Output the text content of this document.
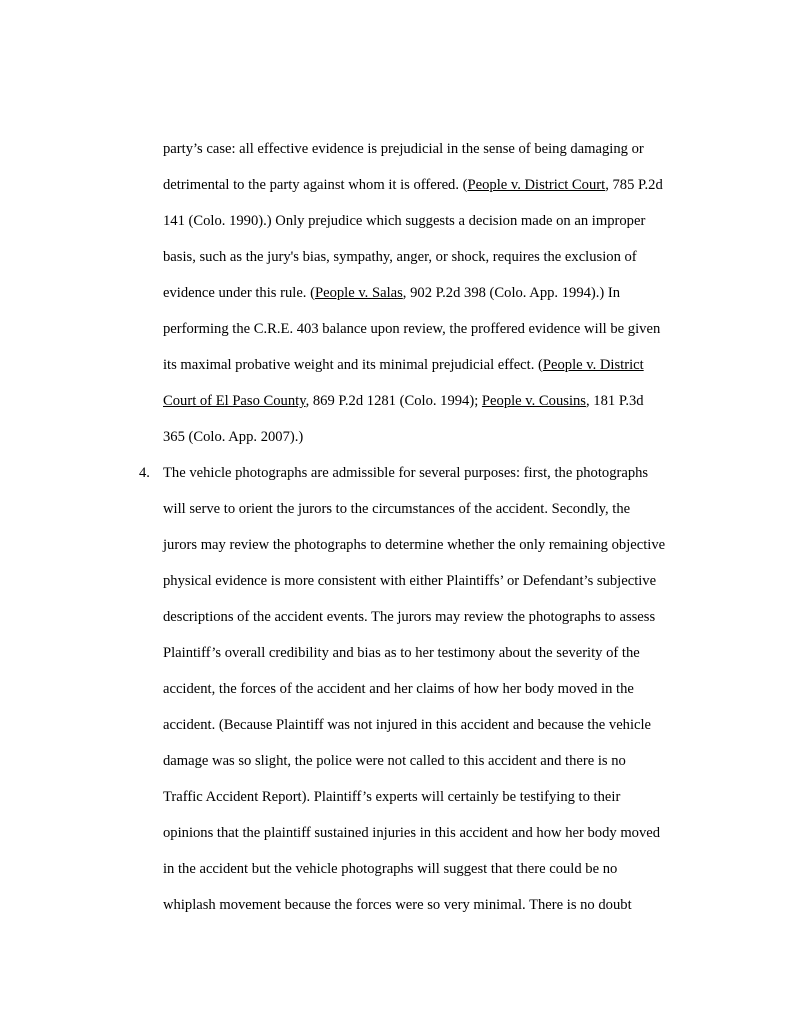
party’s case: all effective evidence is prejudicial in the sense of being damaging or
detrimental to the party against whom it is offered. (People v. District Court, 785 P.2d
141 (Colo. 1990).) Only prejudice which suggests a decision made on an improper
basis, such as the jury's bias, sympathy, anger, or shock, requires the exclusion of
evidence under this rule. (People v. Salas, 902 P.2d 398 (Colo. App. 1994).) In
performing the C.R.E. 403 balance upon review, the proffered evidence will be given
its maximal probative weight and its minimal prejudicial effect. (People v. District
Court of El Paso County, 869 P.2d 1281 (Colo. 1994); People v. Cousins, 181 P.3d
365 (Colo. App. 2007).)
4. The vehicle photographs are admissible for several purposes: first, the photographs
will serve to orient the jurors to the circumstances of the accident. Secondly, the
jurors may review the photographs to determine whether the only remaining objective
physical evidence is more consistent with either Plaintiffs’ or Defendant’s subjective
descriptions of the accident events. The jurors may review the photographs to assess
Plaintiff’s overall credibility and bias as to her testimony about the severity of the
accident, the forces of the accident and her claims of how her body moved in the
accident. (Because Plaintiff was not injured in this accident and because the vehicle
damage was so slight, the police were not called to this accident and there is no
Traffic Accident Report). Plaintiff’s experts will certainly be testifying to their
opinions that the plaintiff sustained injuries in this accident and how her body moved
in the accident but the vehicle photographs will suggest that there could be no
whiplash movement because the forces were so very minimal. There is no doubt
